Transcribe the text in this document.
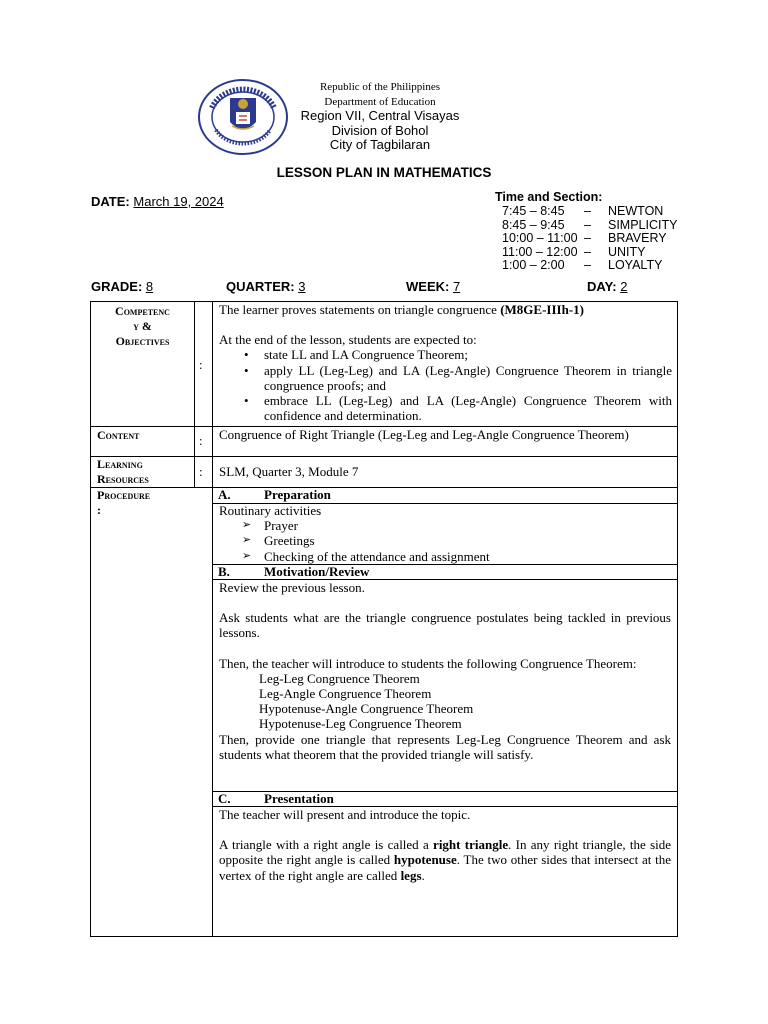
Republic of the Philippines
Department of Education
Region VII, Central Visayas
Division of Bohol
City of Tagbilaran
LESSON PLAN IN MATHEMATICS
DATE: March 19, 2024	Time and Section:
7:45 – 8:45	–	NEWTON
8:45 – 9:45	–	SIMPLICITY
10:00 – 11:00 –	BRAVERY
11:00 – 12:00 –	UNITY
1:00 – 2:00	–	LOYALTY
GRADE: 8	QUARTER: 3	WEEK: 7	DAY: 2
Competenc
y &
Objectives
:
The learner proves statements on triangle congruence (M8GE-IIIh-1)
At the end of the lesson, students are expected to:
• state LL and LA Congruence Theorem;
• apply LL (Leg-Leg) and LA (Leg-Angle) Congruence Theorem in triangle congruence proofs; and
• embrace LL (Leg-Leg) and LA (Leg-Angle) Congruence Theorem with confidence and determination.
Content	: Congruence of Right Triangle (Leg-Leg and Leg-Angle Congruence Theorem)
Learning
Resources	: SLM, Quarter 3, Module 7
Procedure
:
A.	Preparation
Routinary activities
➢ Prayer
➢ Greetings
➢ Checking of the attendance and assignment
B.	Motivation/Review
Review the previous lesson.
Ask students what are the triangle congruence postulates being tackled in previous lessons.
Then, the teacher will introduce to students the following Congruence Theorem:
Leg-Leg Congruence Theorem
Leg-Angle Congruence Theorem
Hypotenuse-Angle Congruence Theorem
Hypotenuse-Leg Congruence Theorem
Then, provide one triangle that represents Leg-Leg Congruence Theorem and ask students what theorem that the provided triangle will satisfy.
C.	Presentation
The teacher will present and introduce the topic.
A triangle with a right angle is called a right triangle. In any right triangle, the side opposite the right angle is called hypotenuse. The two other sides that intersect at the vertex of the right angle are called legs.
